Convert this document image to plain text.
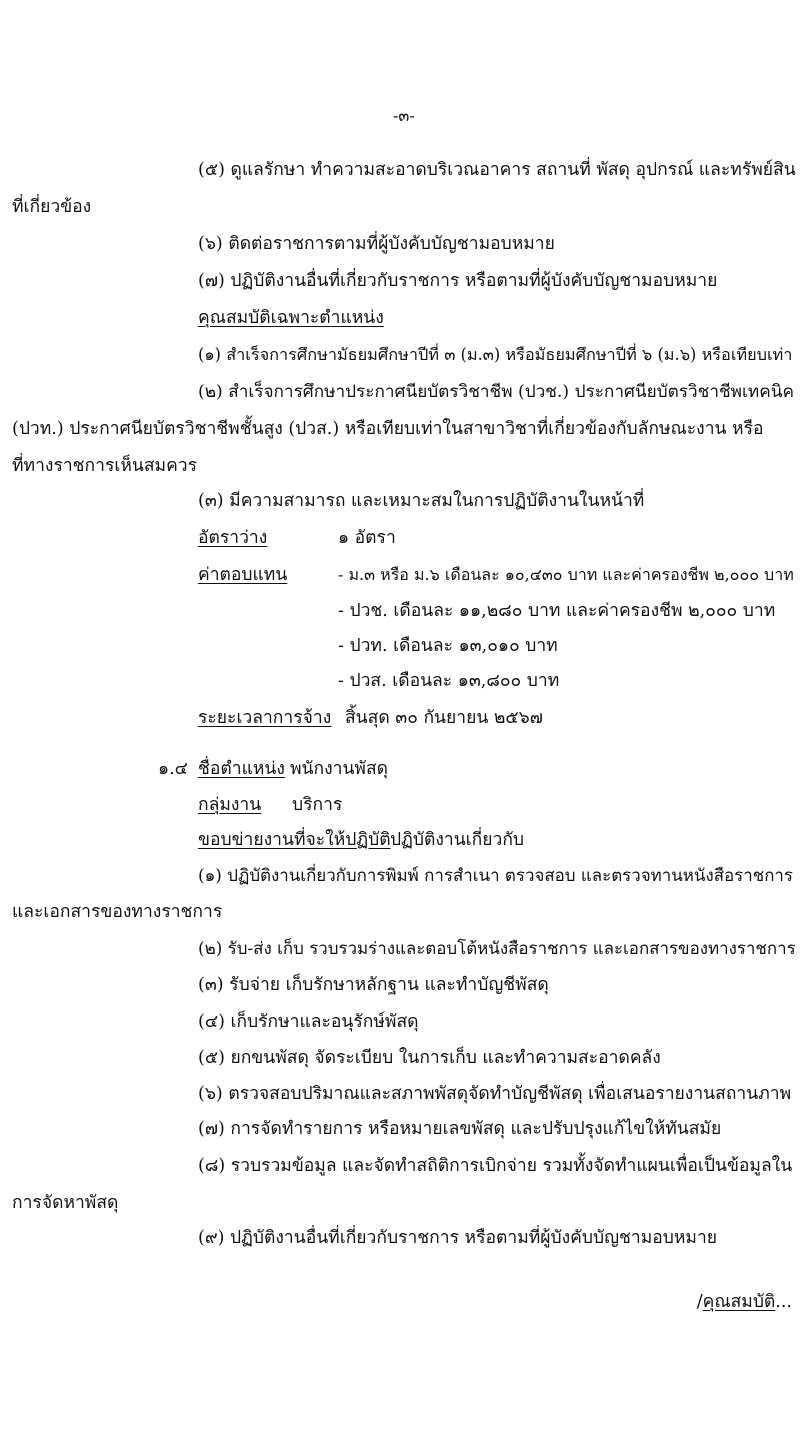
-๓-
(๕) ดูแลรักษา ทำความสะอาดบริเวณอาคาร สถานที่ พัสดุ อุปกรณ์ และทรัพย์สิน
ที่เกี่ยวข้อง
(๖) ติดต่อราชการตามที่ผู้บังคับบัญชามอบหมาย
(๗) ปฏิบัติงานอื่นที่เกี่ยวกับราชการ หรือตามที่ผู้บังคับบัญชามอบหมาย
คุณสมบัติเฉพาะตำแหน่ง
(๑) สำเร็จการศึกษามัธยมศึกษาปีที่ ๓ (ม.๓) หรือมัธยมศึกษาปีที่ ๖ (ม.๖) หรือเทียบเท่า
(๒) สำเร็จการศึกษาประกาศนียบัตรวิชาชีพ (ปวช.) ประกาศนียบัตรวิชาชีพเทคนิค
(ปวท.) ประกาศนียบัตรวิชาชีพชั้นสูง (ปวส.) หรือเทียบเท่าในสาขาวิชาที่เกี่ยวข้องกับลักษณะงาน หรือ
ที่ทางราชการเห็นสมควร
(๓) มีความสามารถ และเหมาะสมในการปฏิบัติงานในหน้าที่
อัตราว่าง	๑ อัตรา
ค่าตอบแทน	- ม.๓ หรือ ม.๖ เดือนละ ๑๐,๔๓๐ บาท และค่าครองชีพ ๒,๐๐๐ บาท
- ปวช. เดือนละ ๑๑,๒๘๐ บาท และค่าครองชีพ ๒,๐๐๐ บาท
- ปวท. เดือนละ ๑๓,๐๑๐ บาท
- ปวส. เดือนละ ๑๓,๘๐๐ บาท
ระยะเวลาการจ้าง สิ้นสุด ๓๐ กันยายน ๒๕๖๗
๑.๔ ชื่อตำแหน่ง พนักงานพัสดุ
กลุ่มงาน บริการ
ขอบข่ายงานที่จะให้ปฏิบัติ ปฏิบัติงานเกี่ยวกับ
(๑) ปฏิบัติงานเกี่ยวกับการพิมพ์ การสำเนา ตรวจสอบ และตรวจทานหนังสือราชการ
และเอกสารของทางราชการ
(๒) รับ-ส่ง เก็บ รวบรวมร่างและตอบโต้หนังสือราชการ และเอกสารของทางราชการ
(๓) รับจ่าย เก็บรักษาหลักฐาน และทำบัญชีพัสดุ
(๔) เก็บรักษาและอนุรักษ์พัสดุ
(๕) ยกขนพัสดุ จัดระเบียบ ในการเก็บ และทำความสะอาดคลัง
(๖) ตรวจสอบปริมาณและสภาพพัสดุจัดทำบัญชีพัสดุ เพื่อเสนอรายงานสถานภาพ
(๗) การจัดทำรายการ หรือหมายเลขพัสดุ และปรับปรุงแก้ไขให้ทันสมัย
(๘) รวบรวมข้อมูล และจัดทำสถิติการเบิกจ่าย รวมทั้งจัดทำแผนเพื่อเป็นข้อมูลใน
การจัดหาพัสดุ
(๙) ปฏิบัติงานอื่นที่เกี่ยวกับราชการ หรือตามที่ผู้บังคับบัญชามอบหมาย
/คุณสมบัติ...
